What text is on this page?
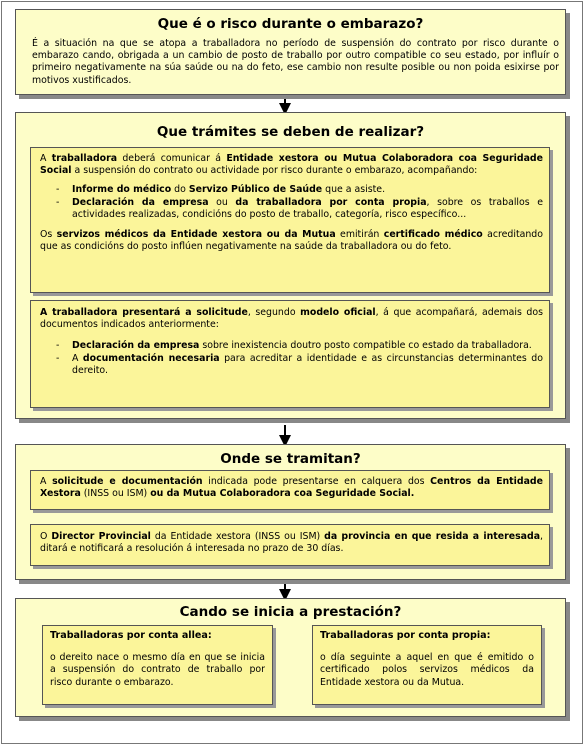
Que é o risco durante o embarazo?
É a situación na que se atopa a traballadora no período de suspensión do contrato por risco durante o embarazo cando, obrigada a un cambio de posto de traballo por outro compatible co seu estado, por influír o primeiro negativamente na súa saúde ou na do feto, ese cambio non resulte posible ou non poida esixirse por motivos xustificados.
Que trámites se deben de realizar?

A traballadora deberá comunicar á Entidade xestora ou Mutua Colaboradora coa Seguridade Social a suspensión do contrato ou actividade por risco durante o embarazo, acompañando:

- Informe do médico do Servizo Público de Saúde que a asiste.

- Declaración da empresa ou da traballadora por conta propia, sobre os traballos e actividades realizadas, condicións do posto de traballo, categoría, risco específico...

Os servizos médicos da Entidade xestora ou da Mutua emitirán certificado médico acreditando que as condicións do posto inflúen negativamente na saúde da traballadora ou do feto.

A traballadora presentará a solicitude, segundo modelo oficial, á que acompañará, ademais dos documentos indicados anteriormente:

- Declaración da empresa sobre inexistencia doutro posto compatible co estado da traballadora.

- A documentación necesaria para acreditar a identidade e as circunstancias determinantes do dereito.

Onde se tramitan?
A solicitude e documentación indicada pode presentarse en calquera dos Centros da Entidade Xestora (INSS ou ISM) ou da Mutua Colaboradora coa Seguridade Social.
O Director Provincial da Entidade xestora (INSS ou ISM) da provincia en que resida a interesada, ditará e notificará a resolución á interesada no prazo de 30 días.
Cando se inicia a prestación?
Traballadoras por conta allea:
o dereito nace o mesmo día en que se inicia a suspensión do contrato de traballo por risco durante o embarazo.
Traballadoras por conta propia:
o día seguinte a aquel en que é emitido o certificado polos servizos médicos da Entidade xestora ou da Mutua.
